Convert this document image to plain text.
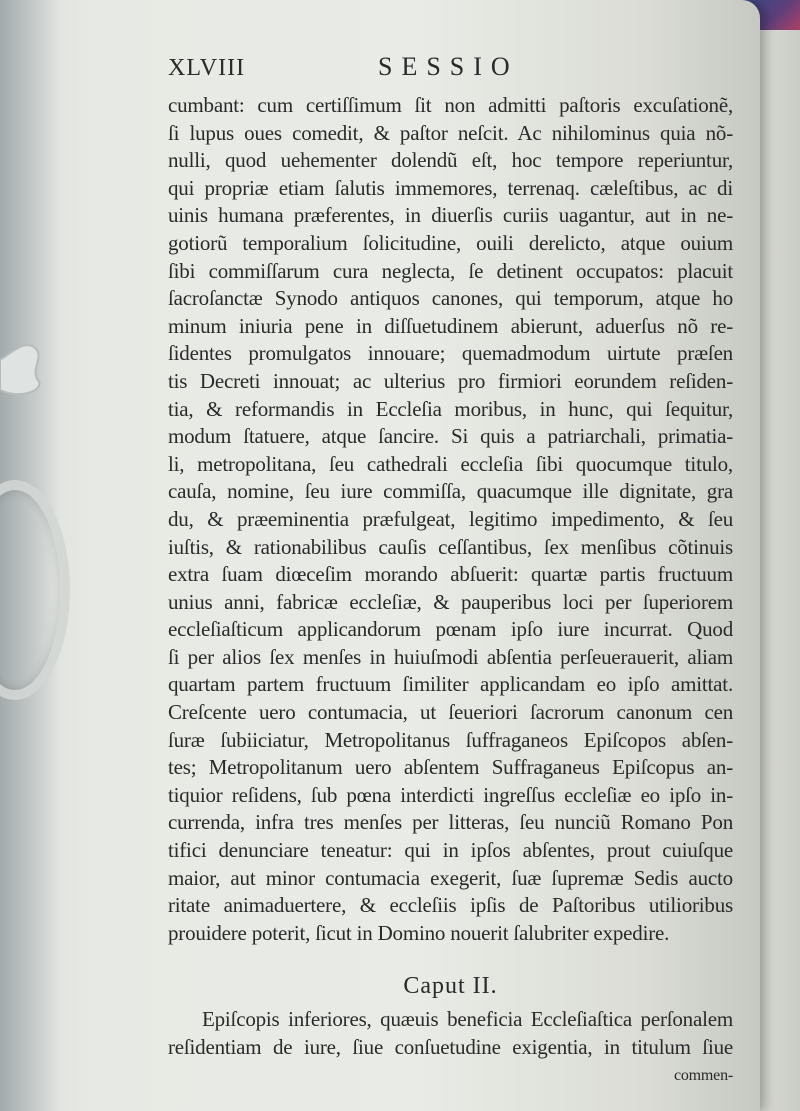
XLVIII	SESSIO
cumbant: cum certiſſimum ſit non admitti paſtoris excuſationẽ,
ſi lupus oues comedit, & paſtor neſcit. Ac nihilominus quia nõ-
nulli, quod uehementer dolendũ eſt, hoc tempore reperiuntur,
qui propriæ etiam ſalutis immemores, terrenaq. cæleſtibus, ac di
uinis humana præferentes, in diuerſis curiis uagantur, aut in ne-
gotiorũ temporalium ſolicitudine, ouili derelicto, atque ouium
ſibi commiſſarum cura neglecta, ſe detinent occupatos: placuit
ſacroſanctæ Synodo antiquos canones, qui temporum, atque ho
minum iniuria pene in diſſuetudinem abierunt, aduerſus nõ re-
ſidentes promulgatos innouare; quemadmodum uirtute præſen
tis Decreti innouat; ac ulterius pro firmiori eorundem reſiden-
tia, & reformandis in Eccleſia moribus, in hunc, qui ſequitur,
modum ſtatuere, atque ſancire. Si quis a patriarchali, primatia-
li, metropolitana, ſeu cathedrali eccleſia ſibi quocumque titulo,
cauſa, nomine, ſeu iure commiſſa, quacumque ille dignitate, gra
du, & præeminentia præfulgeat, legitimo impedimento, & ſeu
iuſtis, & rationabilibus cauſis ceſſantibus, ſex menſibus cõtinuis
extra ſuam diœceſim morando abſuerit: quartæ partis fructuum
unius anni, fabricæ eccleſiæ, & pauperibus loci per ſuperiorem
eccleſiaſticum applicandorum pœnam ipſo iure incurrat. Quod
ſi per alios ſex menſes in huiuſmodi abſentia perſeuerauerit, aliam
quartam partem fructuum ſimiliter applicandam eo ipſo amittat.
Creſcente uero contumacia, ut ſeueriori ſacrorum canonum cen
ſuræ ſubiiciatur, Metropolitanus ſuffraganeos Epiſcopos abſen-
tes; Metropolitanum uero abſentem Suffraganeus Epiſcopus an-
tiquior reſidens, ſub pœna interdicti ingreſſus eccleſiæ eo ipſo in-
currenda, infra tres menſes per litteras, ſeu nunciũ Romano Pon
tifici denunciare teneatur: qui in ipſos abſentes, prout cuiuſque
maior, aut minor contumacia exegerit, ſuæ ſupremæ Sedis aucto
ritate animaduertere, & eccleſiis ipſis de Paſtoribus utilioribus
prouidere poterit, ſicut in Domino nouerit ſalubriter expedire.
Caput II.
Epiſcopis inferiores, quæuis beneficia Eccleſiaſtica perſonalem
reſidentiam de iure, ſiue conſuetudine exigentia, in titulum ſiue
commen-
